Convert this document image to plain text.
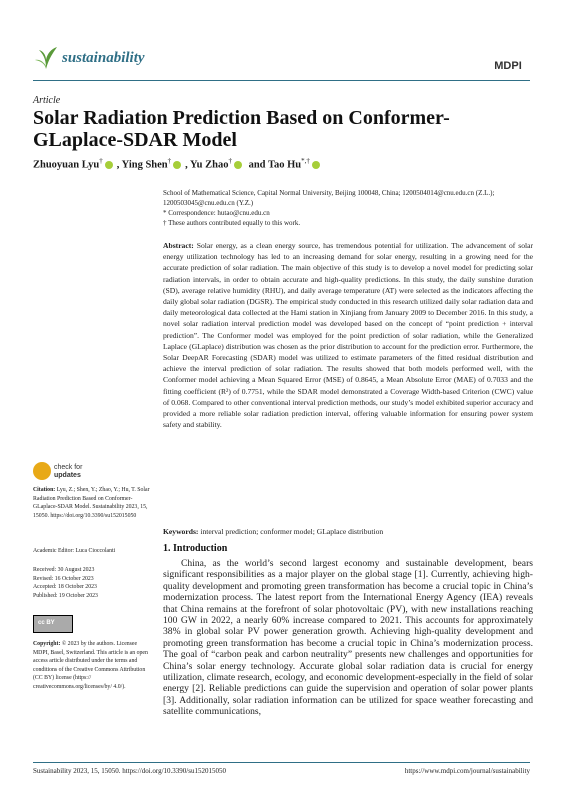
sustainability	MDPI
Article
Solar Radiation Prediction Based on Conformer-GLaplace-SDAR Model
Zhuoyuan Lyu† , Ying Shen† , Yu Zhao† and Tao Hu*,†
School of Mathematical Science, Capital Normal University, Beijing 100048, China; 1200504014@cnu.edu.cn (Z.L.); 1200503045@cnu.edu.cn (Y.Z.)
* Correspondence: hutao@cnu.edu.cn
† These authors contributed equally to this work.
Abstract: Solar energy, as a clean energy source, has tremendous potential for utilization. The advancement of solar energy utilization technology has led to an increasing demand for solar energy, resulting in a growing need for the accurate prediction of solar radiation. The main objective of this study is to develop a novel model for predicting solar radiation intervals, in order to obtain accurate and high-quality predictions. In this study, the daily sunshine duration (SD), average relative humidity (RHU), and daily average temperature (AT) were selected as the indicators affecting the daily global solar radiation (DGSR). The empirical study conducted in this research utilized daily solar radiation data and daily meteorological data collected at the Hami station in Xinjiang from January 2009 to December 2016. In this study, a novel solar radiation interval prediction model was developed based on the concept of “point prediction + interval prediction”. The Conformer model was employed for the point prediction of solar radiation, while the Generalized Laplace (GLaplace) distribution was chosen as the prior distribution to account for the prediction error. Furthermore, the Solar DeepAR Forecasting (SDAR) model was utilized to estimate parameters of the fitted residual distribution and achieve the interval prediction of solar radiation. The results showed that both models performed well, with the Conformer model achieving a Mean Squared Error (MSE) of 0.8645, a Mean Absolute Error (MAE) of 0.7033 and the fitting coefficient (R²) of 0.7751, while the SDAR model demonstrated a Coverage Width-based Criterion (CWC) value of 0.068. Compared to other conventional interval prediction methods, our study’s model exhibited superior accuracy and provided a more reliable solar radiation prediction interval, offering valuable information for ensuring power system safety and stability.
Keywords: interval prediction; conformer model; GLaplace distribution
check for
updates
Citation: Lyu, Z.; Shen, Y.; Zhao, Y.; Hu, T. Solar Radiation Prediction Based on Conformer-GLaplace-SDAR Model. Sustainability 2023, 15, 15050. https://doi.org/10.3390/su152015050
Academic Editor: Luca Cioccolanti
Received: 30 August 2023
Revised: 16 October 2023
Accepted: 18 October 2023
Published: 19 October 2023
cc BY
Copyright: © 2023 by the authors. Licensee MDPI, Basel, Switzerland. This article is an open access article distributed under the terms and conditions of the Creative Commons Attribution (CC BY) license (https:// creativecommons.org/licenses/by/ 4.0/).
1. Introduction

China, as the world’s second largest economy and sustainable development, bears significant responsibilities as a major player on the global stage [1]. Currently, achieving high-quality development and promoting green transformation has become a crucial topic in China’s modernization process. The latest report from the International Energy Agency (IEA) reveals that China remains at the forefront of solar photovoltaic (PV), with new installations reaching 100 GW in 2022, a nearly 60% increase compared to 2021. This accounts for approximately 38% in global solar PV power generation growth. Achieving high-quality development and promoting green transformation has become a crucial topic in China’s modernization process. The goal of “carbon peak and carbon neutrality” presents new challenges and opportunities for China’s solar energy technology. Accurate global solar radiation data is crucial for energy utilization, climate research, ecology, and economic development-especially in the field of solar energy [2]. Reliable predictions can guide the supervision and operation of solar power plants [3]. Additionally, solar radiation information can be utilized for space weather forecasting and satellite communications,

Sustainability 2023, 15, 15050. https://doi.org/10.3390/su152015050	https://www.mdpi.com/journal/sustainability
